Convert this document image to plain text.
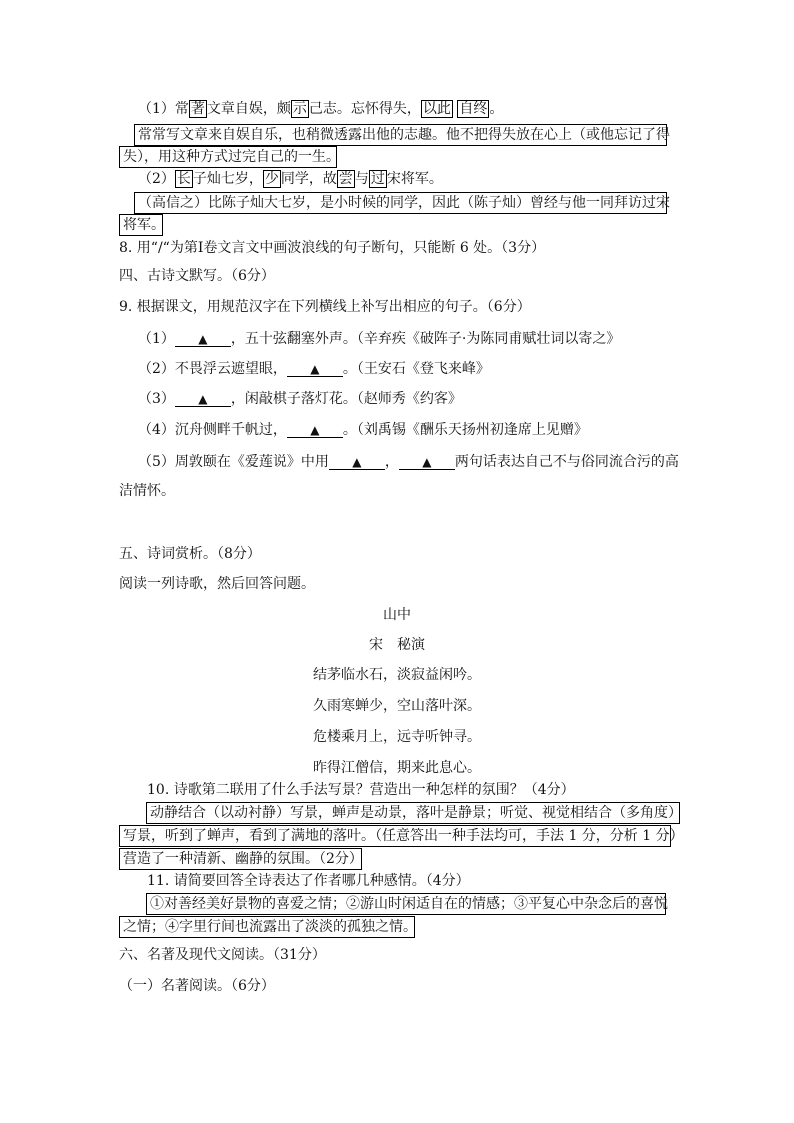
（1）常 著 文章自娱，颇 示 己志。忘怀得失， 以此 自终 。
常常写文章来自娱自乐，也稍微透露出他的志趣。他不把得失放在心上（或他忘记了得
失），用这种方式过完自己的一生。
（2） 长 子灿七岁， 少 同学，故 尝 与 过 宋将军。
（高信之）比陈子灿大七岁，是小时候的同学，因此（陈子灿）曾经与他一同拜访过宋
将军。
8. 用“/“为第Ⅰ卷文言文中画波浪线的句子断句，只能断 6 处。（3分）
四、古诗文默写。（6分）
9. 根据课文，用规范汉字在下列横线上补写出相应的句子。（6分）
（1） ▲ ，五十弦翻塞外声。（辛弃疾《破阵子·为陈同甫赋壮词以寄之》
（2）不畏浮云遮望眼， ▲ 。（王安石《登飞来峰》
（3） ▲ ，闲敲棋子落灯花。（赵师秀《约客》
（4）沉舟侧畔千帆过， ▲ 。（刘禹锡《酬乐天扬州初逢席上见赠》
（5）周敦颐在《爱莲说》中用 ▲ ， ▲ 两句话表达自己不与俗同流合污的高
洁情怀。
五、诗词赏析。（8分）
阅读一列诗歌，然后回答问题。
山中
宋　秘演
结茅临水石，淡寂益闲吟。
久雨寒蝉少，空山落叶深。
危楼乘月上，远寺听钟寻。
昨得江僧信，期来此息心。
10. 诗歌第二联用了什么手法写景？营造出一种怎样的氛围？（4分）
动静结合（以动衬静）写景，蝉声是动景，落叶是静景；听觉、视觉相结合（多角度）
写景，听到了蝉声，看到了满地的落叶。（任意答出一种手法均可，手法 1 分，分析 1 分）
营造了一种清新、幽静的氛围。（2分）
11. 请简要回答全诗表达了作者哪几种感情。（4分）
①对善经美好景物的喜爱之情；②游山时闲适自在的情感；③平复心中杂念后的喜悦
之情；④字里行间也流露出了淡淡的孤独之情。
六、名著及现代文阅读。（31分）
（一）名著阅读。（6分）
